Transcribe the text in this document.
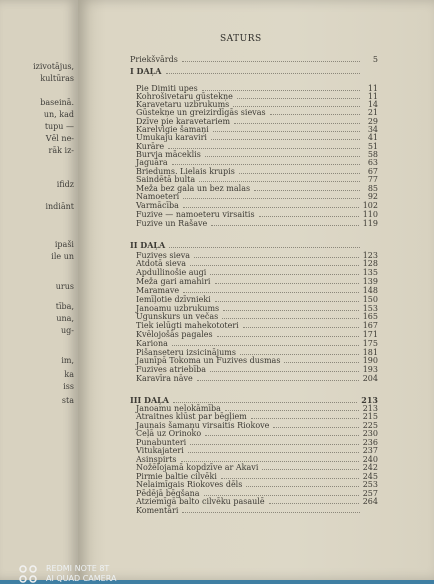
izivotājus,
kultūras
baseinā.
un, kad
tupu —
Vēl ne-
rāk iz-
ifidz
indiānt
ipaši
ile un
urus
tība,
una,
ug-
im,
ka
iss
sta
SATURS
Priekšvārds	5
I DAĻA
Pie Dimiti upes	11
Kohrošivetaru gūstekņe	11
Karavetaru uzbrukums	14
Gūstekņe un greizirdīgās sievas	21
Dzīve pie karavetariem	29
Karelvigie šamaņi	34
Umukaju karaviri	41
Kurāre	51
Burvja māceklis	58
Jaguāra	63
Briedums. Lielais krupis	67
Saindētā bulta	77
Meža bez gala un bez malas	85
Namoeteri	92
Varmācība	102
Fuzive — namoeteru virsaitis	110
Fuzive un Rašave	119
II DAĻA
Fuzives sieva	123
Atdotā sieva	128
Apdullinošie augi	135
Meža gari amahiri	139
Maramave	148
Iemīļotie dzīvnieki	150
Janoamu uzbrukums	153
Ugunskurs un večas	165
Tiek ielūgti mahekototeri	167
Kvēlojošās pagales	171
Kariona	175
Pišanseteru izsicinājums	181
Jaunīpā Tokoma un Fuzives dusmas	190
Fuzives atriebība	193
Karavīra nāve	204
III DAĻA	213
Janoamu nelokāmība	213
Atraitnes klūst par bēgļiem	215
Jaunais šamaņu virsaitis Riokove	225
Ceļā uz Orinoko	230
Punabunteri	236
Vitukajateri	237
Asinspirts	240
Nožēlojamā kopdzīve ar Akavi	242
Pirmie baltie cilvēki	245
Nelaimīgais Riokoves dēls	253
Pēdējā bēgšana	257
Atziemīgā balto cilvēku pasaulē	264
Komentāri
REDMI NOTE 8T
AI QUAD CAMERA
